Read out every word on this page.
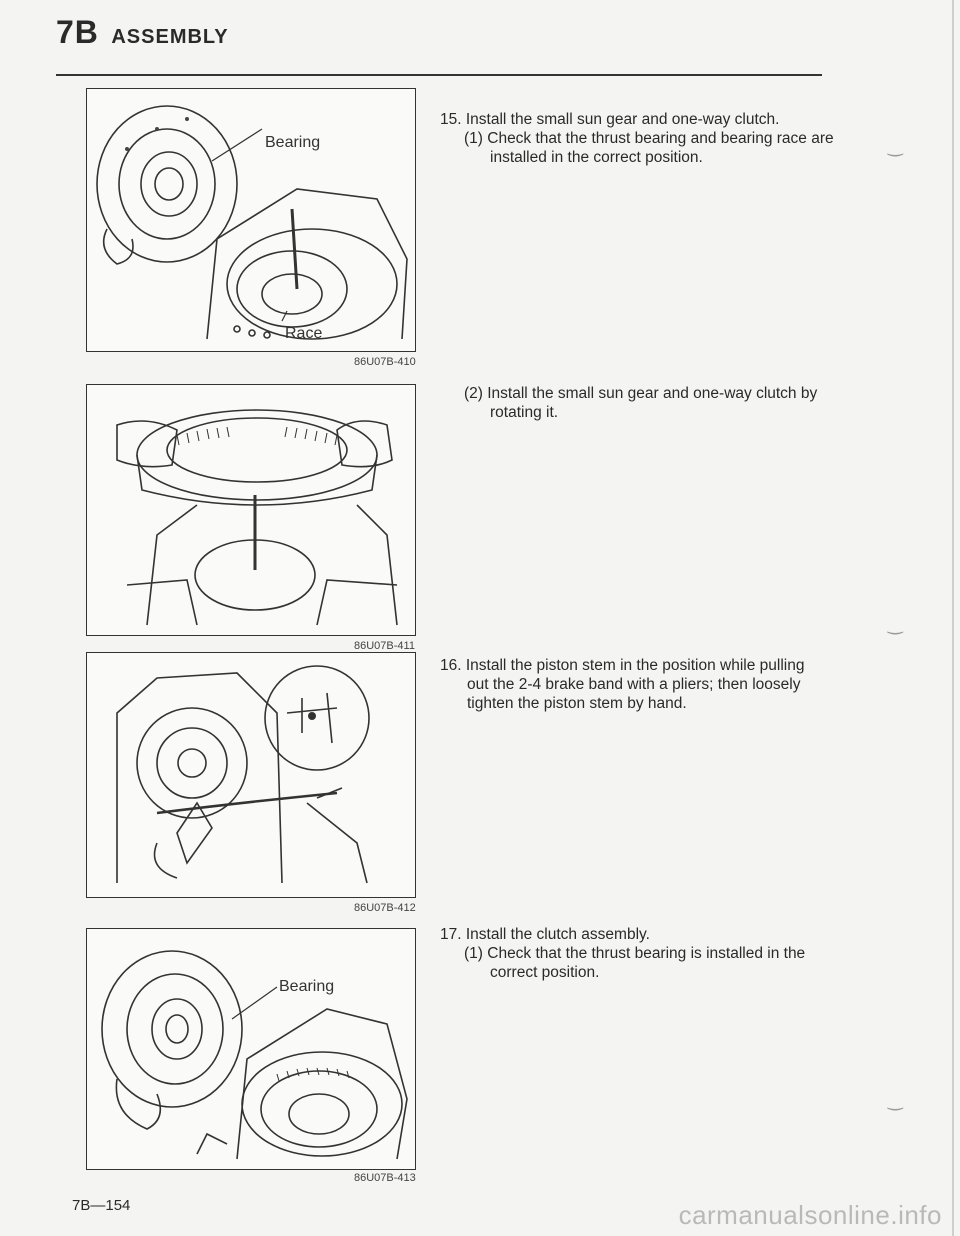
7B ASSEMBLY
Bearing
Race
86U07B-410
86U07B-411
86U07B-412
Bearing
86U07B-413

15. Install the small sun gear and one-way clutch.

(1) Check that the thrust bearing and bearing race are installed in the correct position.

(2) Install the small sun gear and one-way clutch by rotating it.

16. Install the piston stem in the position while pulling out the 2-4 brake band with a pliers; then loosely tighten the piston stem by hand.

17. Install the clutch assembly.

(1) Check that the thrust bearing is installed in the correct position.

‿
‿
‿
7B—154	carmanualsonline.info
